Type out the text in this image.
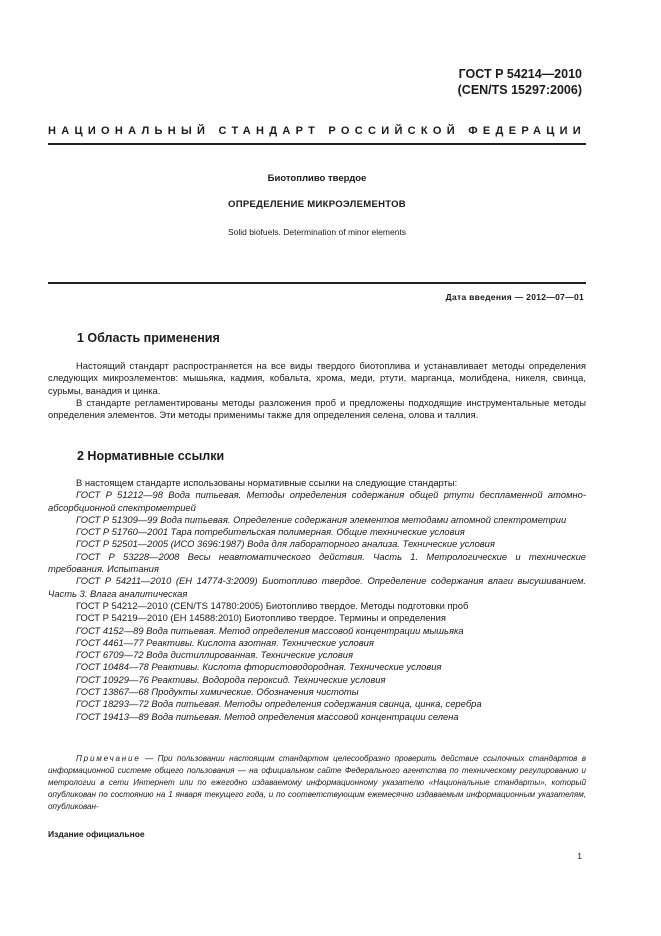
ГОСТ Р 54214—2010
(CEN/TS 15297:2006)
НАЦИОНАЛЬНЫЙ СТАНДАРТ РОССИЙСКОЙ ФЕДЕРАЦИИ
Биотопливо твердое
ОПРЕДЕЛЕНИЕ МИКРОЭЛЕМЕНТОВ
Solid biofuels. Determination of minor elements
Дата введения — 2012—07—01
1 Область применения

Настоящий стандарт распространяется на все виды твердого биотоплива и устанавливает методы определения следующих микроэлементов: мышьяка, кадмия, кобальта, хрома, меди, ртути, марганца, молибдена, никеля, свинца, сурьмы, ванадия и цинка.

В стандарте регламентированы методы разложения проб и предложены подходящие инструментальные методы определения элементов. Эти методы применимы также для определения селена, олова и таллия.

2 Нормативные ссылки

В настоящем стандарте использованы нормативные ссылки на следующие стандарты:

ГОСТ Р 51212—98 Вода питьевая. Методы определения содержания общей ртути беспламенной атомно-абсорбционной спектрометрией

ГОСТ Р 51309—99 Вода питьевая. Определение содержания элементов методами атомной спектрометрии

ГОСТ Р 51760—2001 Тара потребительская полимерная. Общие технические условия

ГОСТ Р 52501—2005 (ИСО 3696:1987) Вода для лабораторного анализа. Технические условия

ГОСТ Р 53228—2008 Весы неавтоматического действия. Часть 1. Метрологические и технические требования. Испытания

ГОСТ Р 54211—2010 (ЕН 14774-3:2009) Биотопливо твердое. Определение содержания влаги высушиванием. Часть 3. Влага аналитическая

ГОСТ Р 54212—2010 (CEN/TS 14780:2005) Биотопливо твердое. Методы подготовки проб

ГОСТ Р 54219—2010 (ЕН 14588:2010) Биотопливо твердое. Термины и определения

ГОСТ 4152—89 Вода питьевая. Метод определения массовой концентрации мышьяка

ГОСТ 4461—77 Реактивы. Кислота азотная. Технические условия

ГОСТ 6709—72 Вода дистиллированная. Технические условия

ГОСТ 10484—78 Реактивы. Кислота фтористоводородная. Технические условия

ГОСТ 10929—76 Реактивы. Водорода пероксид. Технические условия

ГОСТ 13867—68 Продукты химические. Обозначения чистоты

ГОСТ 18293—72 Вода питьевая. Методы определения содержания свинца, цинка, серебра

ГОСТ 19413—89 Вода питьевая. Метод определения массовой концентрации селена

Примечание — При пользовании настоящим стандартом целесообразно проверить действие ссылочных стандартов в информационной системе общего пользования — на официальном сайте Федерального агентства по техническому регулированию и метрологии в сети Интернет или по ежегодно издаваемому информационному указателю «Национальные стандарты», который опубликован по состоянию на 1 января текущего года, и по соответствующим ежемесячно издаваемым информационным указателям, опубликован-

Издание официальное
1
